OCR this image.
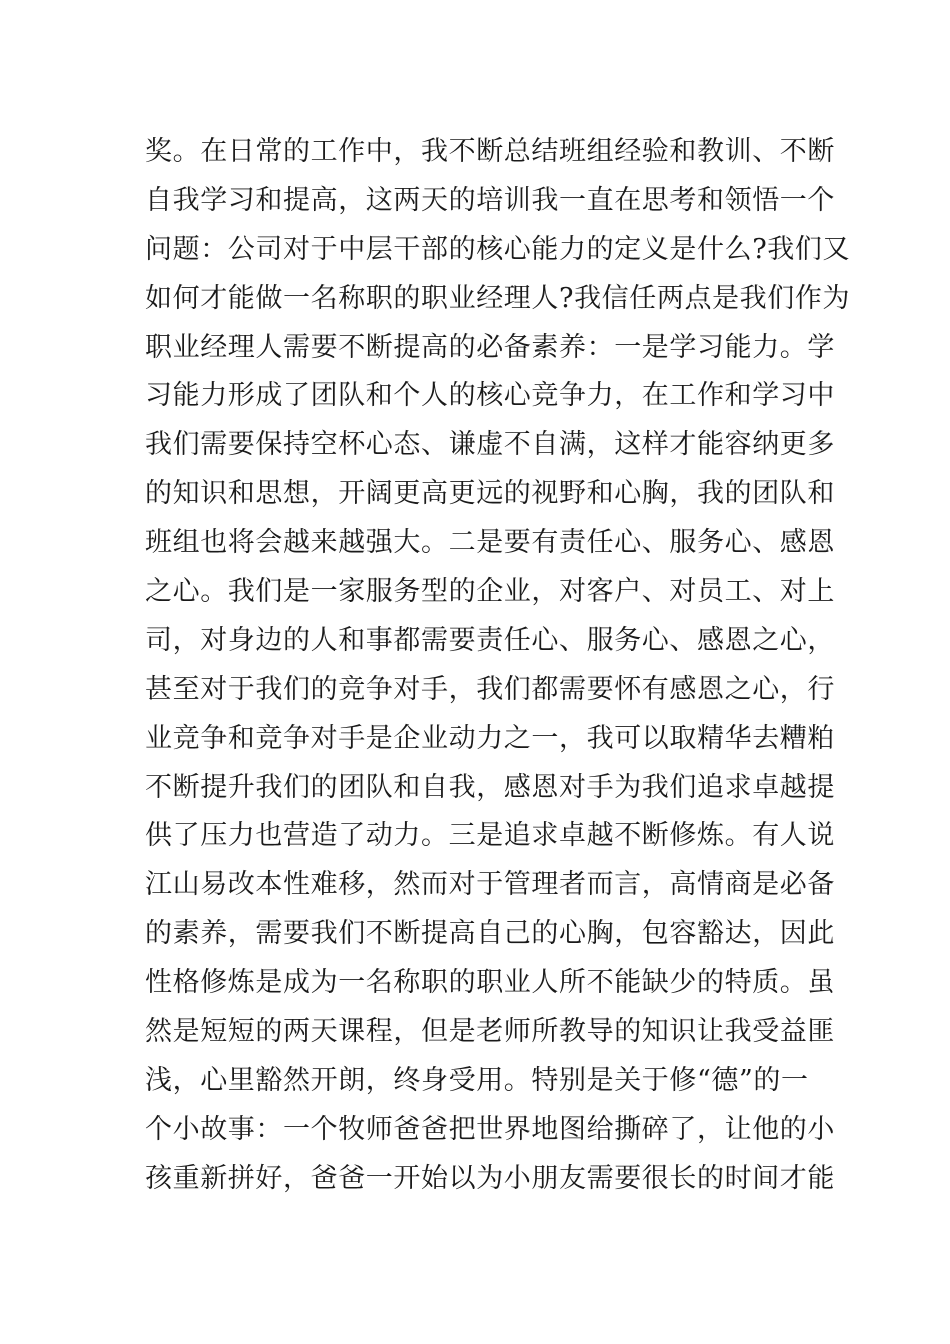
奖。在日常的工作中，我不断总结班组经验和教训、不断
自我学习和提高，这两天的培训我一直在思考和领悟一个
问题：公司对于中层干部的核心能力的定义是什么?我们又
如何才能做一名称职的职业经理人?我信任两点是我们作为
职业经理人需要不断提高的必备素养：一是学习能力。学
习能力形成了团队和个人的核心竞争力，在工作和学习中
我们需要保持空杯心态、谦虚不自满，这样才能容纳更多
的知识和思想，开阔更高更远的视野和心胸，我的团队和
班组也将会越来越强大。二是要有责任心、服务心、感恩
之心。我们是一家服务型的企业，对客户、对员工、对上
司，对身边的人和事都需要责任心、服务心、感恩之心，
甚至对于我们的竞争对手，我们都需要怀有感恩之心，行
业竞争和竞争对手是企业动力之一，我可以取精华去糟粕
不断提升我们的团队和自我，感恩对手为我们追求卓越提
供了压力也营造了动力。三是追求卓越不断修炼。有人说
江山易改本性难移，然而对于管理者而言，高情商是必备
的素养，需要我们不断提高自己的心胸，包容豁达，因此
性格修炼是成为一名称职的职业人所不能缺少的特质。虽
然是短短的两天课程，但是老师所教导的知识让我受益匪
浅，心里豁然开朗，终身受用。特别是关于修“德”的一
个小故事：一个牧师爸爸把世界地图给撕碎了，让他的小
孩重新拼好，爸爸一开始以为小朋友需要很长的时间才能
